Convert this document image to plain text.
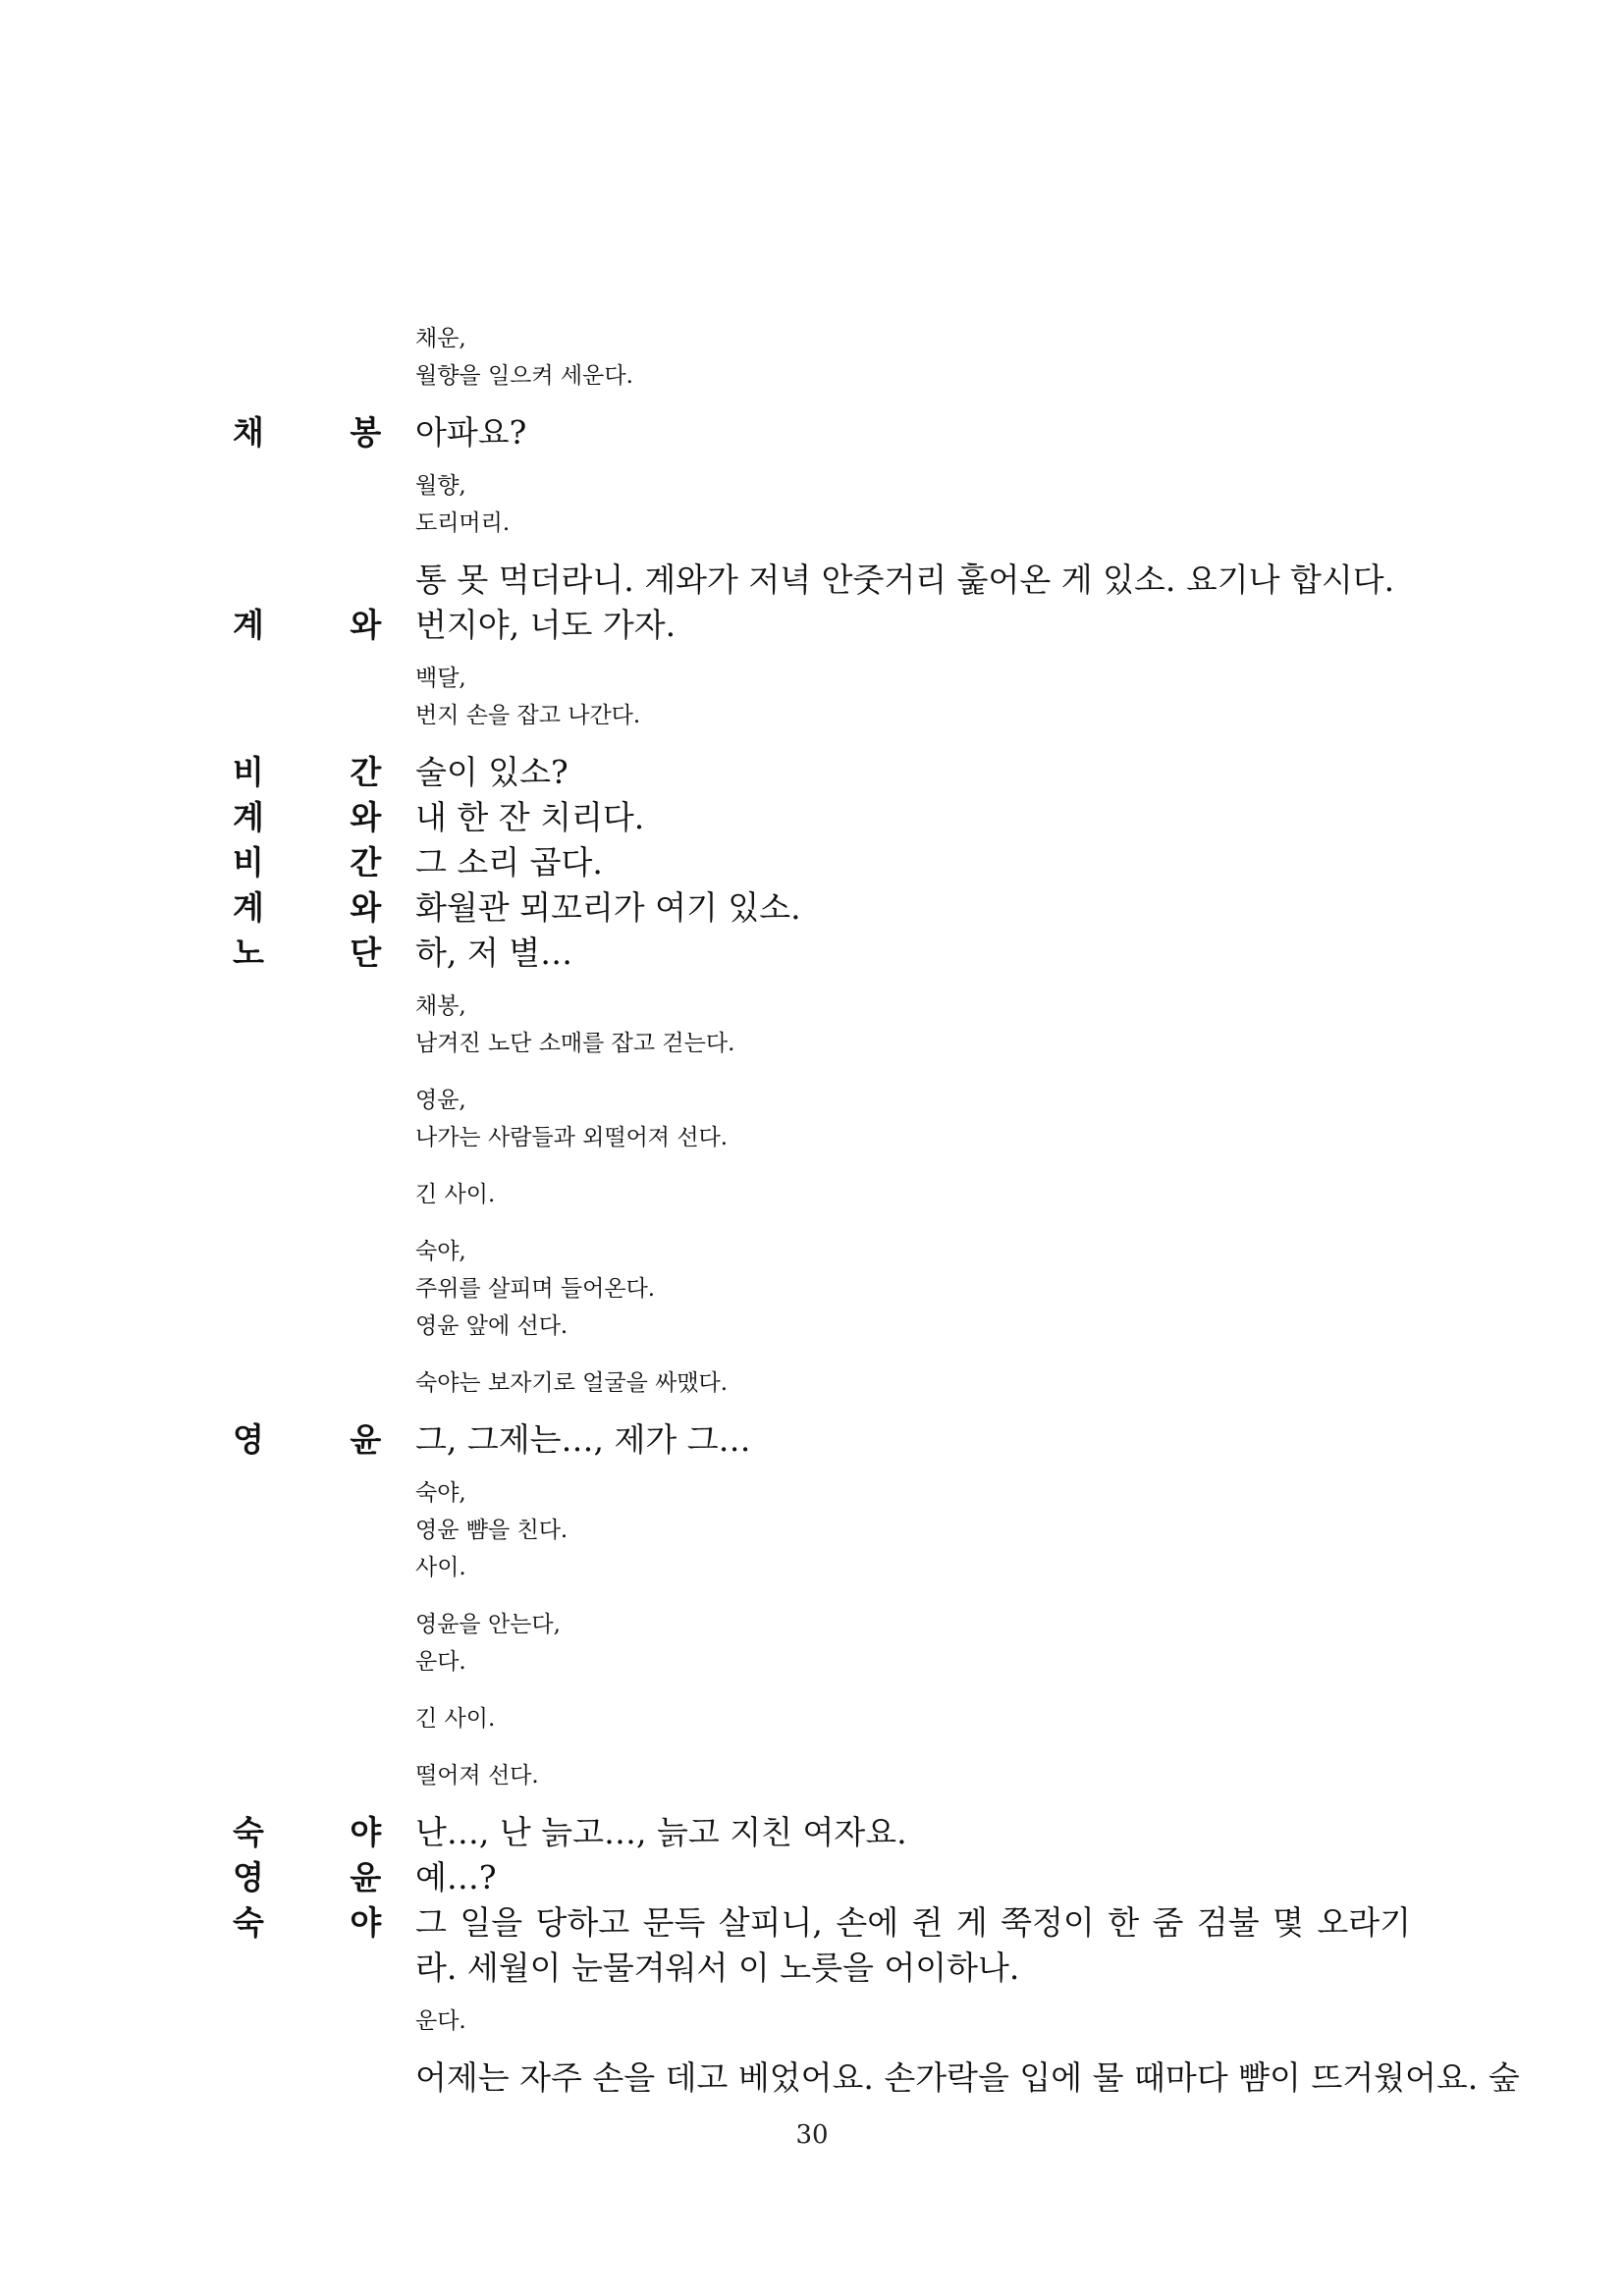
채운,
월향을 일으켜 세운다.
채 봉
아파요?
월향,
도리머리.
통 못 먹더라니. 계와가 저녁 안줏거리 훑어온 게 있소. 요기나 합시다.
계 와
번지야, 너도 가자.
백달,
번지 손을 잡고 나간다.
비 간
술이 있소?
계 와
내 한 잔 치리다.
비 간
그 소리 곱다.
계 와
화월관 뫼꼬리가 여기 있소.
노 단
하, 저 별…
채봉,
남겨진 노단 소매를 잡고 걷는다.
영윤,
나가는 사람들과 외떨어져 선다.
긴 사이.
숙야,
주위를 살피며 들어온다.
영윤 앞에 선다.
숙야는 보자기로 얼굴을 싸맸다.
영 윤
그, 그제는…, 제가 그…
숙야,
영윤 뺨을 친다.
사이.
영윤을 안는다,
운다.
긴 사이.
떨어져 선다.
숙 야
난…, 난 늙고…, 늙고 지친 여자요.
영 윤
예…?
숙 야
그 일을 당하고 문득 살피니, 손에 쥔 게 쭉정이 한 줌 검불 몇 오라기라. 세월이 눈물겨워서 이 노릇을 어이하나.
운다.
어제는 자주 손을 데고 베었어요. 손가락을 입에 물 때마다 뺨이 뜨거웠어요. 숲
30
